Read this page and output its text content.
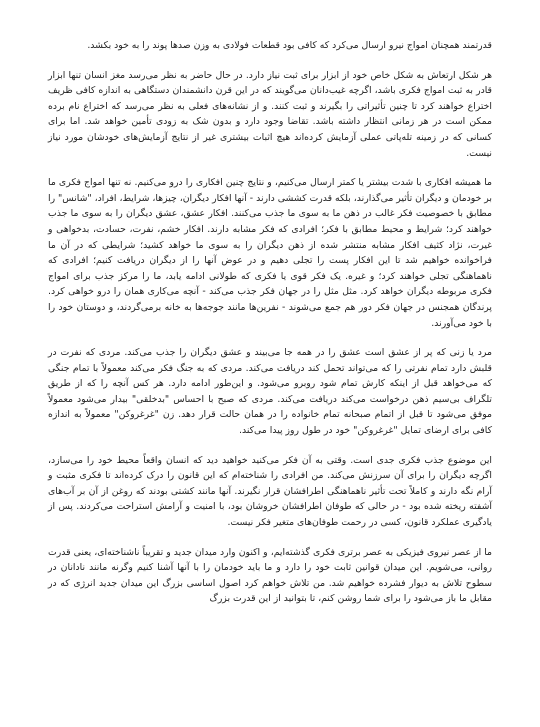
قدرتمند همچنان امواج نیرو ارسال می‌کرد که کافی بود قطعات فولادی به وزن صدها پوند را به خود بکشد.

هر شکل ارتعاش به شکل خاص خود از ابزار برای ثبت نیاز دارد. در حال حاضر به نظر می‌رسد مغز انسان تنها ابزار قادر به ثبت امواج فکری باشد، اگرچه غیب‌دانان می‌گویند که در این قرن دانشمندان دستگاهی به اندازه کافی ظریف اختراع خواهند کرد تا چنین تأثیراتی را بگیرند و ثبت کنند. و از نشانه‌های فعلی به نظر می‌رسد که اختراع نام برده ممکن است در هر زمانی انتظار داشته باشد. تقاضا وجود دارد و بدون شک به زودی تأمین خواهد شد. اما برای کسانی که در زمینه تله‌پاتی عملی آزمایش کرده‌اند هیچ اثبات بیشتری غیر از نتایج آزمایش‌های خودشان مورد نیاز نیست.

ما همیشه افکاری با شدت بیشتر یا کمتر ارسال می‌کنیم، و نتایج چنین افکاری را درو می‌کنیم. نه تنها امواج فکری ما بر خودمان و دیگران تأثیر می‌گذارند، بلکه قدرت کششی دارند - آنها افکار دیگران، چیزها، شرایط، افراد، "شانس" را مطابق با خصوصیت فکر غالب در ذهن ما به سوی ما جذب می‌کنند. افکار عشق، عشق دیگران را به سوی ما جذب خواهند کرد؛ شرایط و محیط مطابق با فکر؛ افرادی که فکر مشابه دارند. افکار خشم، نفرت، حسادت، بدخواهی و غیرت، نژاد کثیف افکار مشابه منتشر شده از ذهن دیگران را به سوی ما خواهد کشید؛ شرایطی که در آن ما فراخوانده خواهیم شد تا این افکار پست را تجلی دهیم و در عوض آنها را از دیگران دریافت کنیم؛ افرادی که ناهماهنگی تجلی خواهند کرد؛ و غیره. یک فکر قوی یا فکری که طولانی ادامه یابد، ما را مرکز جذب برای امواج فکری مربوطه دیگران خواهد کرد. مثل مثل را در جهان فکر جذب می‌کند - آنچه می‌کاری همان را درو خواهی کرد. پرندگان همجنس در جهان فکر دور هم جمع می‌شوند - نفرین‌ها مانند جوجه‌ها به خانه برمی‌گردند، و دوستان خود را با خود می‌آورند.

مرد یا زنی که پر از عشق است عشق را در همه جا می‌بیند و عشق دیگران را جذب می‌کند. مردی که نفرت در قلبش دارد تمام نفرتی را که می‌تواند تحمل کند دریافت می‌کند. مردی که به جنگ فکر می‌کند معمولاً با تمام جنگی که می‌خواهد قبل از اینکه کارش تمام شود روبرو می‌شود. و این‌طور ادامه دارد. هر کس آنچه را که از طریق تلگراف بی‌سیم ذهن درخواست می‌کند دریافت می‌کند. مردی که صبح با احساس "بدخلقی" بیدار می‌شود معمولاً موفق می‌شود تا قبل از اتمام صبحانه تمام خانواده را در همان حالت قرار دهد. زن "غرغروکن" معمولاً به اندازه کافی برای ارضای تمایل "غرغروکن" خود در طول روز پیدا می‌کند.

این موضوع جذب فکری جدی است. وقتی به آن فکر می‌کنید خواهید دید که انسان واقعاً محیط خود را می‌سازد، اگرچه دیگران را برای آن سرزنش می‌کند. من افرادی را شناخته‌ام که این قانون را درک کرده‌اند تا فکری مثبت و آرام نگه دارند و کاملاً تحت تأثیر ناهماهنگی اطرافشان قرار نگیرند. آنها مانند کشتی بودند که روغن از آن بر آب‌های آشفته ریخته شده بود - در حالی که طوفان اطرافشان خروشان بود، با امنیت و آرامش استراحت می‌کردند. پس از یادگیری عملکرد قانون، کسی در رحمت طوفان‌های متغیر فکر نیست.

ما از عصر نیروی فیزیکی به عصر برتری فکری گذشته‌ایم، و اکنون وارد میدان جدید و تقریباً ناشناخته‌ای، یعنی قدرت روانی، می‌شویم. این میدان قوانین ثابت خود را دارد و ما باید خودمان را با آنها آشنا کنیم وگرنه مانند نادانان در سطوح تلاش به دیوار فشرده خواهیم شد. من تلاش خواهم کرد اصول اساسی بزرگ این میدان جدید انرژی که در مقابل ما باز می‌شود را برای شما روشن کنم، تا بتوانید از این قدرت بزرگ
